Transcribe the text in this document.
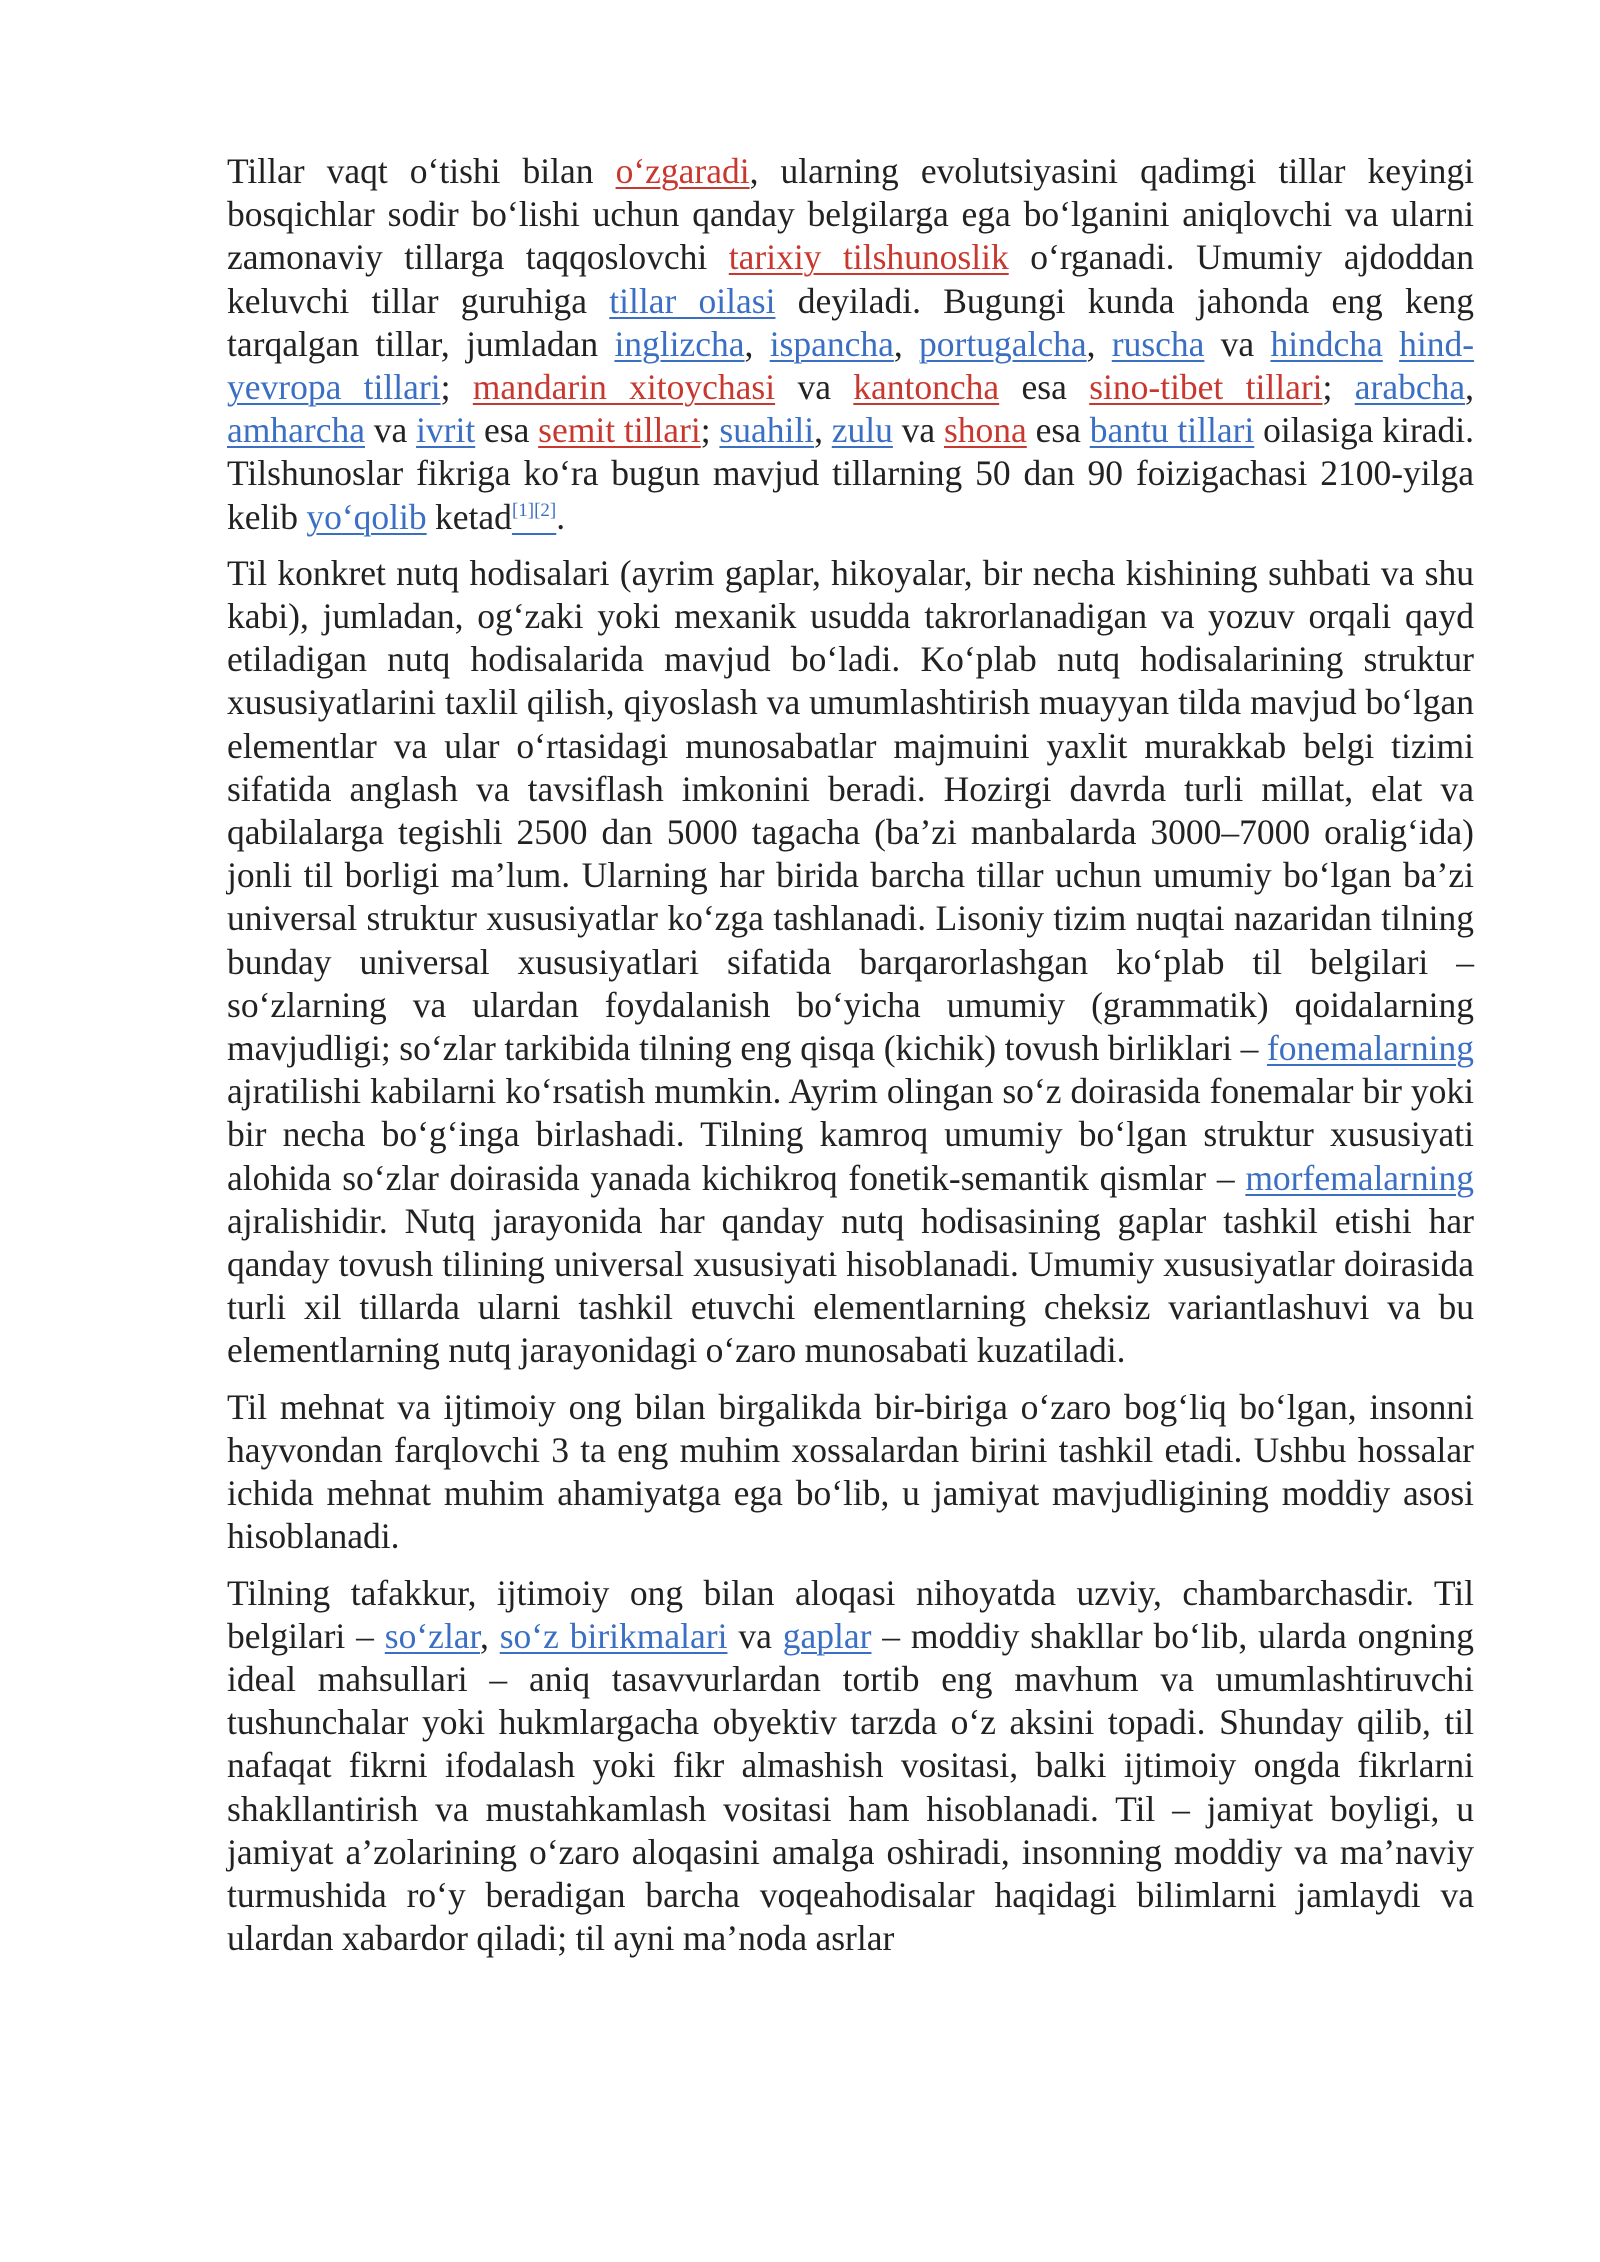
Tillar vaqt o‘tishi bilan o‘zgaradi, ularning evolutsiyasini qadimgi tillar keyingi bosqichlar sodir bo‘lishi uchun qanday belgilarga ega bo‘lganini aniqlovchi va ularni zamonaviy tillarga taqqoslovchi tarixiy tilshunoslik o‘rganadi. Umumiy ajdoddan keluvchi tillar guruhiga tillar oilasi deyiladi. Bugungi kunda jahonda eng keng tarqalgan tillar, jumladan inglizcha, ispancha, portugalcha, ruscha va hindcha hind-yevropa tillari; mandarin xitoychasi va kantoncha esa sino-tibet tillari; arabcha, amharcha va ivrit esa semit tillari; suahili, zulu va shona esa bantu tillari oilasiga kiradi. Tilshunoslar fikriga ko‘ra bugun mavjud tillarning 50 dan 90 foizigachasi 2100-yilga kelib yo‘qolib ketad[1][2].

Til konkret nutq hodisalari (ayrim gaplar, hikoyalar, bir necha kishining suhbati va shu kabi), jumladan, og‘zaki yoki mexanik usudda takrorlanadigan va yozuv orqali qayd etiladigan nutq hodisalarida mavjud bo‘ladi. Ko‘plab nutq hodisalarining struktur xususiyatlarini taxlil qilish, qiyoslash va umumlashtirish muayyan tilda mavjud bo‘lgan elementlar va ular o‘rtasidagi munosabatlar majmuini yaxlit murakkab belgi tizimi sifatida anglash va tavsiflash imkonini beradi. Hozirgi davrda turli millat, elat va qabilalarga tegishli 2500 dan 5000 tagacha (ba’zi manbalarda 3000–7000 oralig‘ida) jonli til borligi ma’lum. Ularning har birida barcha tillar uchun umumiy bo‘lgan ba’zi universal struktur xususiyatlar ko‘zga tashlanadi. Lisoniy tizim nuqtai nazaridan tilning bunday universal xususiyatlari sifatida barqarorlashgan ko‘plab til belgilari – so‘zlarning va ulardan foydalanish bo‘yicha umumiy (grammatik) qoidalarning mavjudligi; so‘zlar tarkibida tilning eng qisqa (kichik) tovush birliklari – fonemalarning ajratilishi kabilarni ko‘rsatish mumkin. Ayrim olingan so‘z doirasida fonemalar bir yoki bir necha bo‘g‘inga birlashadi. Tilning kamroq umumiy bo‘lgan struktur xususiyati alohida so‘zlar doirasida yanada kichikroq fonetik-semantik qismlar – morfemalarning ajralishidir. Nutq jarayonida har qanday nutq hodisasining gaplar tashkil etishi har qanday tovush tilining universal xususiyati hisoblanadi. Umumiy xususiyatlar doirasida turli xil tillarda ularni tashkil etuvchi elementlarning cheksiz variantlashuvi va bu elementlarning nutq jarayonidagi o‘zaro munosabati kuzatiladi.

Til mehnat va ijtimoiy ong bilan birgalikda bir-biriga o‘zaro bog‘liq bo‘lgan, insonni hayvondan farqlovchi 3 ta eng muhim xossalardan birini tashkil etadi. Ushbu hossalar ichida mehnat muhim ahamiyatga ega bo‘lib, u jamiyat mavjudligining moddiy asosi hisoblanadi.

Tilning tafakkur, ijtimoiy ong bilan aloqasi nihoyatda uzviy, chambarchasdir. Til belgilari – so‘zlar, so‘z birikmalari va gaplar – moddiy shakllar bo‘lib, ularda ongning ideal mahsullari – aniq tasavvurlardan tortib eng mavhum va umumlashtiruvchi tushunchalar yoki hukmlargacha obyektiv tarzda o‘z aksini topadi. Shunday qilib, til nafaqat fikrni ifodalash yoki fikr almashish vositasi, balki ijtimoiy ongda fikrlarni shakllantirish va mustahkamlash vositasi ham hisoblanadi. Til – jamiyat boyligi, u jamiyat a’zolarining o‘zaro aloqasini amalga oshiradi, insonning moddiy va ma’naviy turmushida ro‘y beradigan barcha voqeahodisalar haqidagi bilimlarni jamlaydi va ulardan xabardor qiladi; til ayni ma’noda asrlar
